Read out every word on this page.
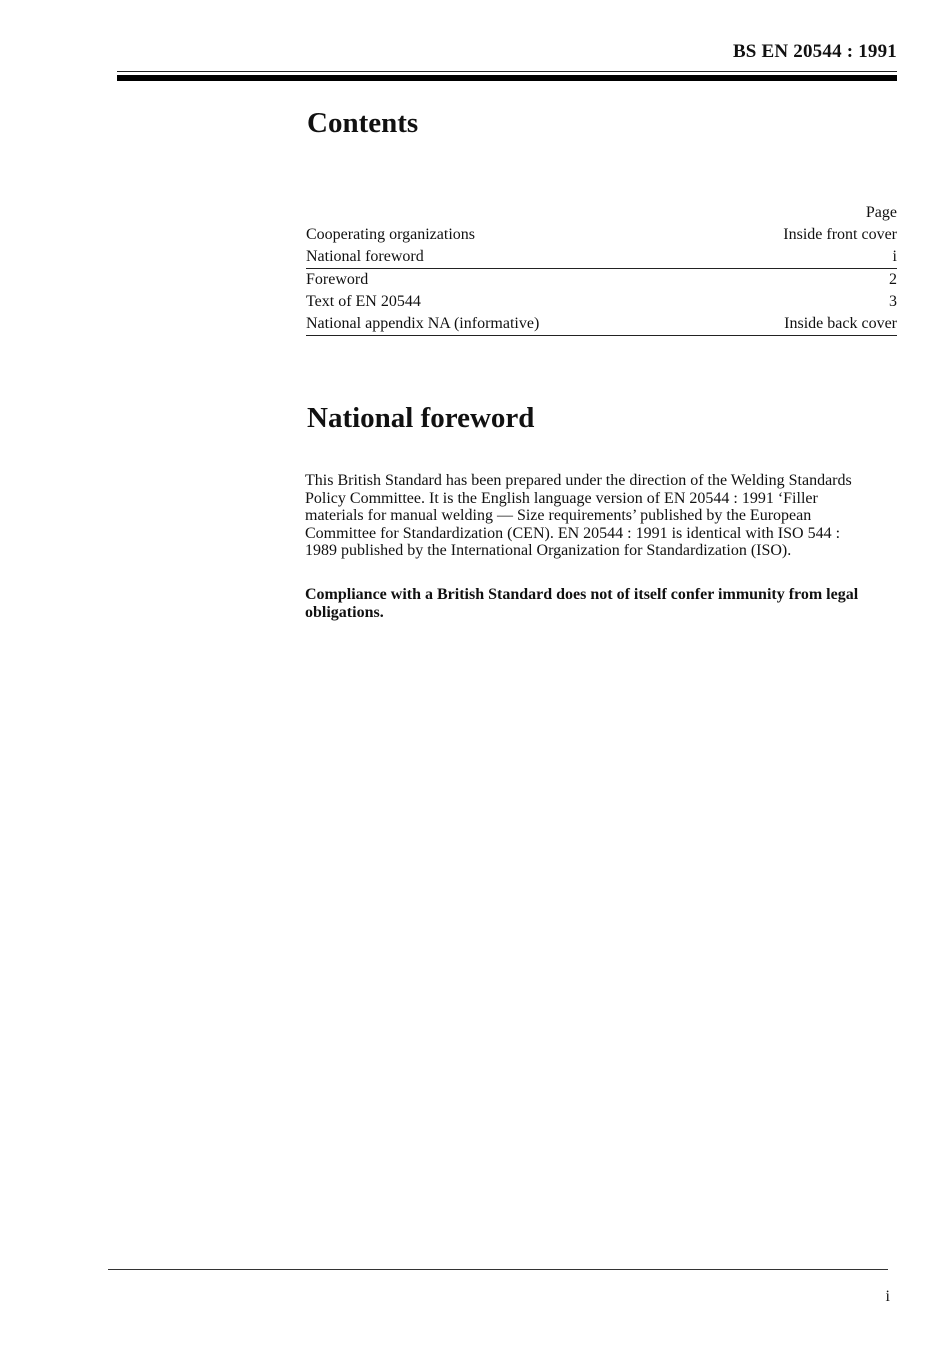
BS EN 20544 : 1991
Contents
Page
Cooperating organizations	Inside front cover
National foreword	i
Foreword	2
Text of EN 20544	3
National appendix NA (informative)	Inside back cover
National foreword

This British Standard has been prepared under the direction of the Welding Standards Policy Committee. It is the English language version of EN 20544 : 1991 ‘Filler materials for manual welding — Size requirements’ published by the European Committee for Standardization (CEN). EN 20544 : 1991 is identical with ISO 544 : 1989 published by the International Organization for Standardization (ISO).

Compliance with a British Standard does not of itself confer immunity from legal obligations.

i
